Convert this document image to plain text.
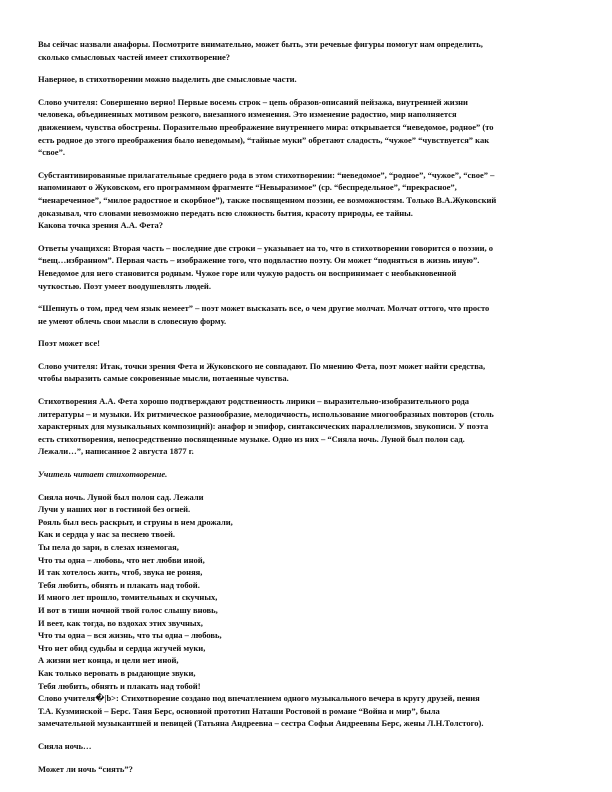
Вы сейчас назвали анафоры. Посмотрите внимательно, может быть, эти речевые фигуры помогут нам определить,
сколько смысловых частей имеет стихотворение?

Наверное, в стихотворении можно выделить две смысловые части.

Слово учителя: Совершенно верно! Первые восемь строк – цепь образов-описаний пейзажа, внутренней жизни
человека, объединенных мотивом резкого, внезапного изменения. Это изменение радостно, мир наполняется
движением, чувства обострены. Поразительно преображение внутреннего мира: открывается “неведомое, родное” (то
есть родное до этого преображения было неведомым), “тайные муки” обретают сладость, “чужое” “чувствуется” как
“свое”.

Субстантивированные прилагательные среднего рода в этом стихотворении: “неведомое”, “родное”, “чужое”, “свое” –
напоминают о Жуковском, его программном фрагменте “Невыразимое” (ср. “беспредельное”, “прекрасное”,
“ненареченное”, “милое радостное и скорбное”), также посвященном поэзии, ее возможностям. Только В.А.Жуковский
доказывал, что словами невозможно передать всю сложность бытия, красоту природы, ее тайны.
Какова точка зрения А.А. Фета?

Ответы учащихся: Вторая часть – последние две строки – указывает на то, что в стихотворении говорится о поэзии, о
“вещ…избранном”. Первая часть – изображение того, что подвластно поэту. Он может “подняться в жизнь иную”.
Неведомое для него становится родным. Чужое горе или чужую радость он воспринимает с необыкновенной
чуткостью. Поэт умеет воодушевлять людей.

“Шепнуть о том, пред чем язык немеет” – поэт может высказать все, о чем другие молчат. Молчат оттого, что просто
не умеют облечь свои мысли в словесную форму.

Поэт может все!

Слово учителя: Итак, точки зрения Фета и Жуковского не совпадают. По мнению Фета, поэт может найти средства,
чтобы выразить самые сокровенные мысли, потаенные чувства.

Стихотворения А.А. Фета хорошо подтверждают родственность лирики – выразительно-изобразительного рода
литературы – и музыки. Их ритмическое разнообразие, мелодичность, использование многообразных повторов (столь
характерных для музыкальных композиций): анафор и эпифор, синтаксических параллелизмов, звукописи. У поэта
есть стихотворения, непосредственно посвященные музыке. Одно из них – “Сияла ночь. Луной был полон сад.
Лежали…”, написанное 2 августа 1877 г.

Учитель читает стихотворение.

Сияла ночь. Луной был полон сад. Лежали
Лучи у наших ног в гостиной без огней.
Рояль был весь раскрыт, и струны в нем дрожали,
Как и сердца у нас за песнею твоей.
Ты пела до зари, в слезах изнемогая,
Что ты одна – любовь, что нет любви иной,
И так хотелось жить, чтоб, звука не роняя,
Тебя любить, обнять и плакать над тобой.
И много лет прошло, томительных и скучных,
И вот в тиши ночной твой голос слышу вновь,
И веет, как тогда, во вздохах этих звучных,
Что ты одна – вся жизнь, что ты одна – любовь,
Что нет обид судьбы и сердца жгучей муки,
А жизни нет конца, и цели нет иной,
Как только веровать в рыдающие звуки,
Тебя любить, обнять и плакать над тобой!

Слово учителя�|b>: Стихотворение создано под впечатлением одного музыкального вечера в кругу друзей, пения
Т.А. Кузминской – Берс. Таня Берс, основной прототип Наташи Ростовой в романе “Война и мир”, была
замечательной музыкантшей и певицей (Татьяна Андреевна – сестра Софьи Андреевны Берс, жены Л.Н.Толстого).

Сияла ночь…

Может ли ночь “сиять”?
